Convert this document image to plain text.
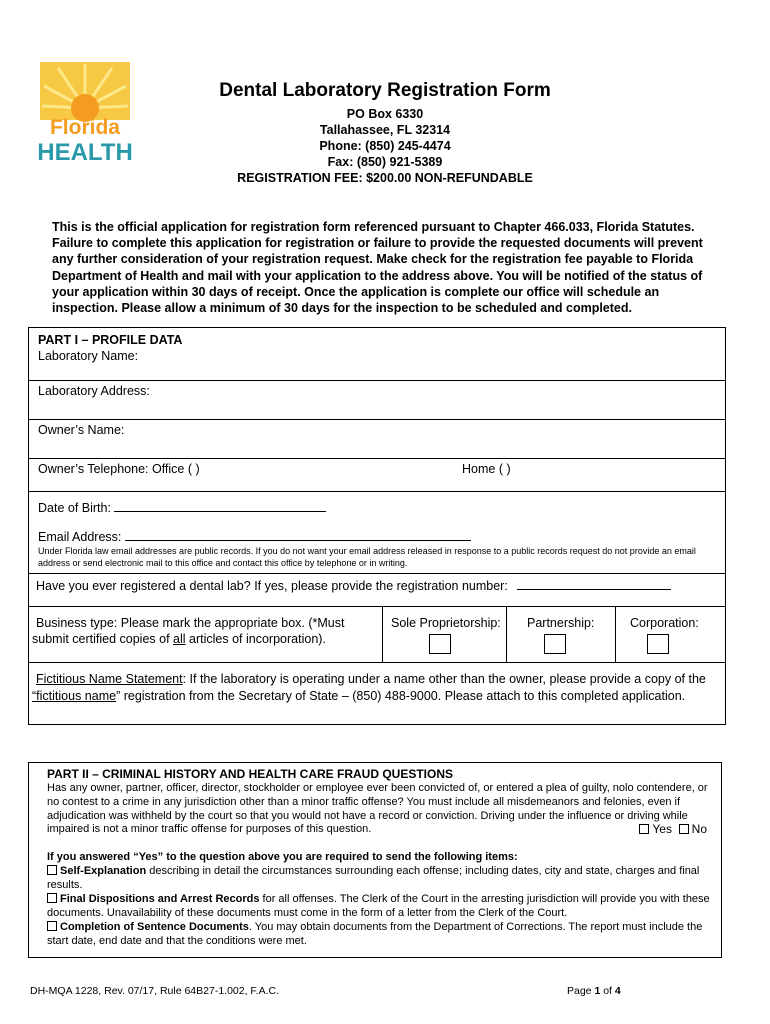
Florida
HEALTH
Dental Laboratory Registration Form
PO Box 6330
Tallahassee, FL 32314
Phone: (850) 245-4474
Fax: (850) 921-5389
REGISTRATION FEE: $200.00 NON-REFUNDABLE
This is the official application for registration form referenced pursuant to Chapter 466.033, Florida Statutes. Failure to complete this application for registration or failure to provide the requested documents will prevent any further consideration of your registration request. Make check for the registration fee payable to Florida Department of Health and mail with your application to the address above. You will be notified of the status of your application within 30 days of receipt. Once the application is complete our office will schedule an inspection. Please allow a minimum of 30 days for the inspection to be scheduled and completed.
PART I – PROFILE DATA
Laboratory Name:
Laboratory Address:
Owner’s Name:
Owner’s Telephone: Office ( )	Home ( )
Date of Birth:
Email Address:
Under Florida law email addresses are public records. If you do not want your email address released in response to a public records request do not provide an email address or send electronic mail to this office and contact this office by telephone or in writing.
Have you ever registered a dental lab? If yes, please provide the registration number:
Business type: Please mark the appropriate box. (*Must
submit certified copies of all articles of incorporation).
Sole Proprietorship: Partnership:	Corporation:
Fictitious Name Statement: If the laboratory is operating under a name other than the owner, please provide a copy of the
“fictitious name” registration from the Secretary of State – (850) 488-9000. Please attach to this completed application.
PART II – CRIMINAL HISTORY AND HEALTH CARE FRAUD QUESTIONS
Has any owner, partner, officer, director, stockholder or employee ever been convicted of, or entered a plea of guilty, nolo contendere, or no contest to a crime in any jurisdiction other than a minor traffic offense? You must include all misdemeanors and felonies, even if adjudication was withheld by the court so that you would not have a record or conviction. Driving under the influence or driving while impaired is not a minor traffic offense for purposes of this question.	Yes No
If you answered “Yes” to the question above you are required to send the following items:
Self-Explanation describing in detail the circumstances surrounding each offense; including dates, city and state, charges and final results.
Final Dispositions and Arrest Records for all offenses. The Clerk of the Court in the arresting jurisdiction will provide you with these documents. Unavailability of these documents must come in the form of a letter from the Clerk of the Court.
Completion of Sentence Documents. You may obtain documents from the Department of Corrections. The report must include the start date, end date and that the conditions were met.
DH-MQA 1228, Rev. 07/17, Rule 64B27-1.002, F.A.C.	Page 1 of 4
